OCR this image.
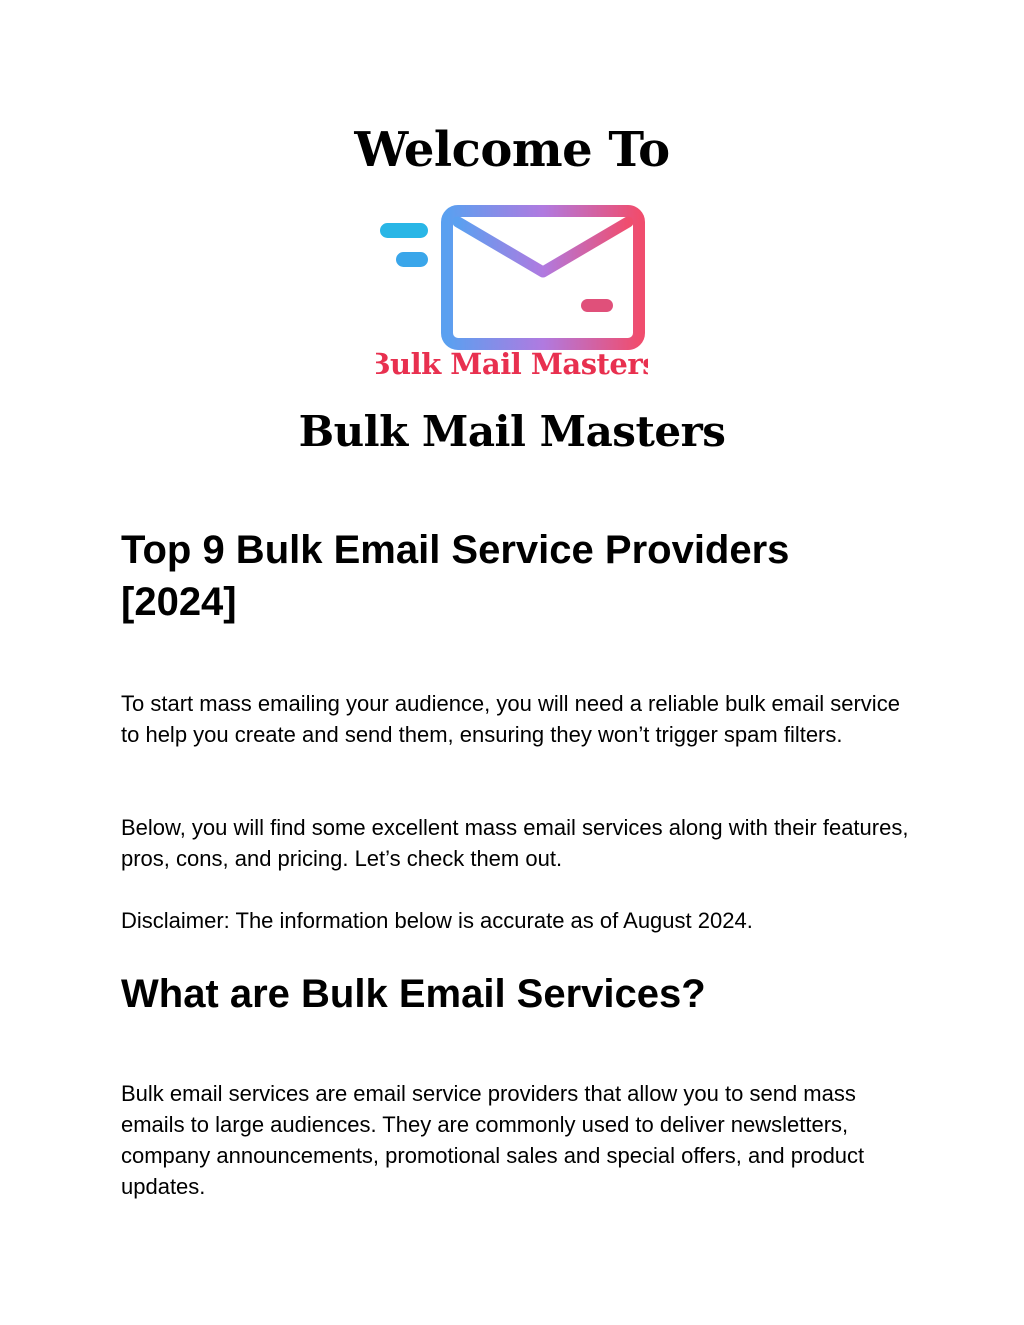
Welcome To
Bulk Mail Masters
Bulk Mail Masters
Top 9 Bulk Email Service Providers [2024]

To start mass emailing your audience, you will need a reliable bulk email service to help you create and send them, ensuring they won’t trigger spam filters.

Below, you will find some excellent mass email services along with their features, pros, cons, and pricing. Let’s check them out.

Disclaimer: The information below is accurate as of August 2024.

What are Bulk Email Services?

Bulk email services are email service providers that allow you to send mass emails to large audiences. They are commonly used to deliver newsletters, company announcements, promotional sales and special offers, and product updates.
